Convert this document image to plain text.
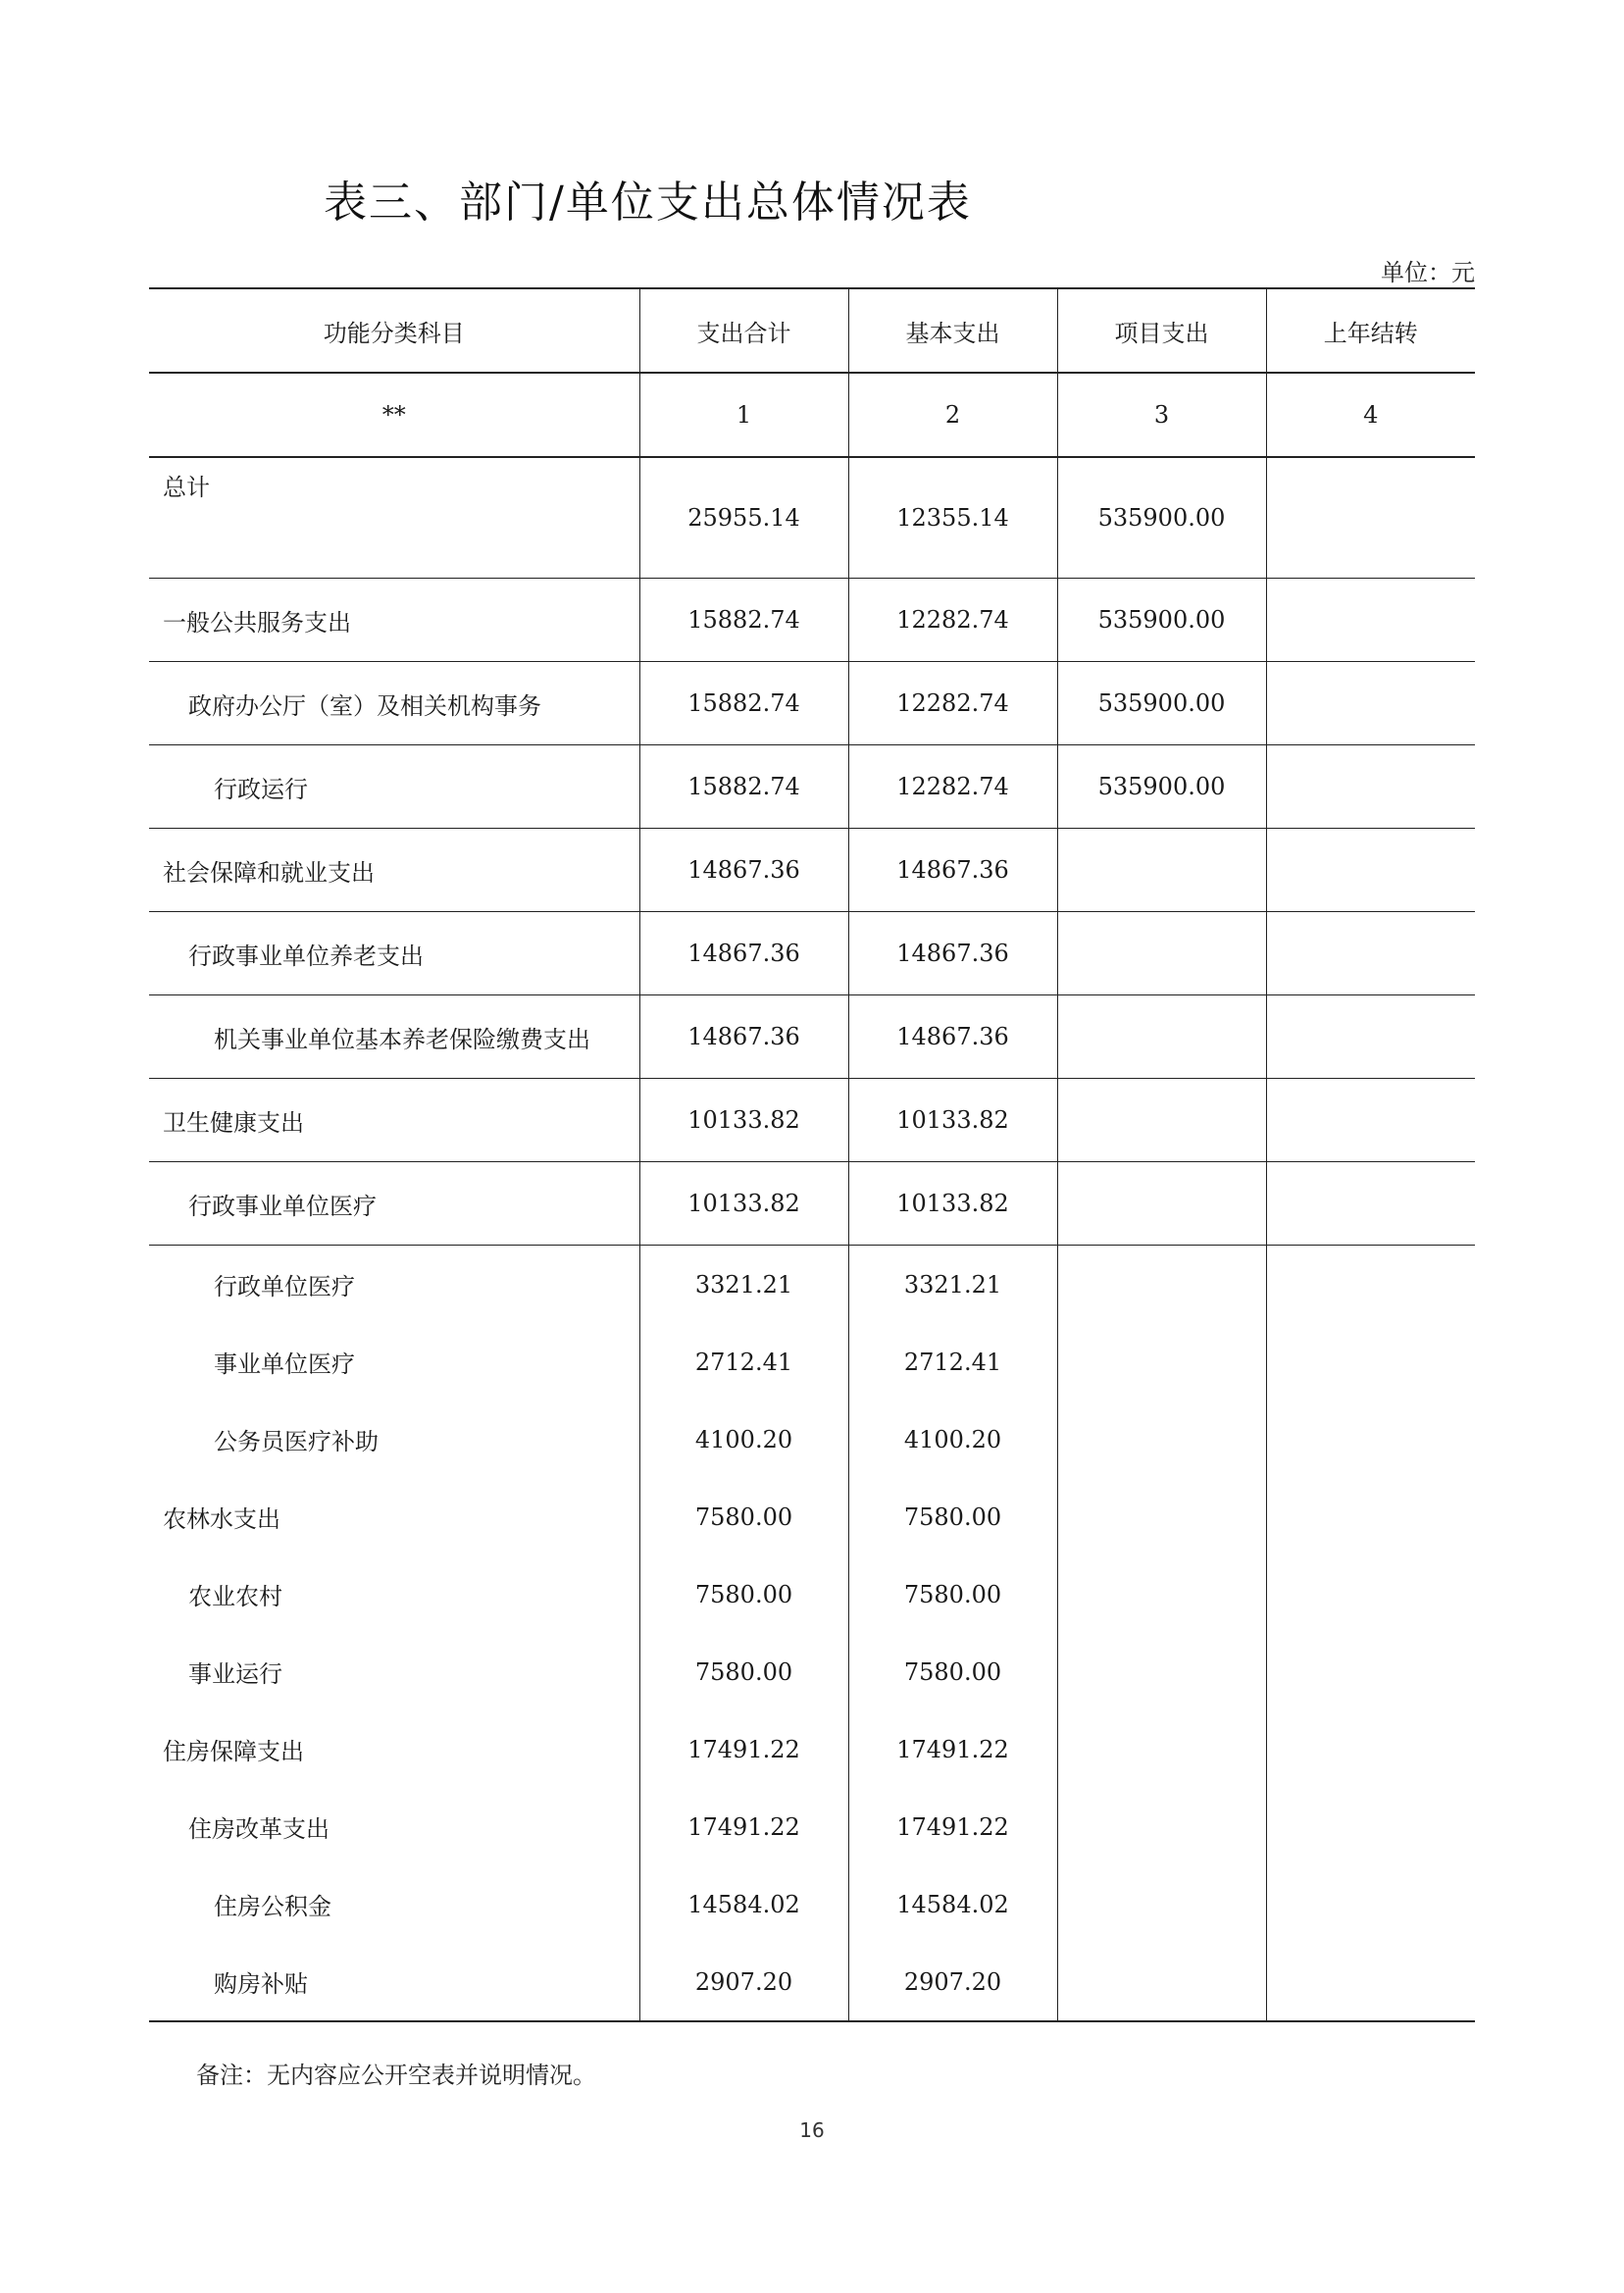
表三、部门/单位支出总体情况表
单位：元
功能分类科目	支出合计	基本支出	项目支出	上年结转
**	1	2	3	4
总计	25955.14	12355.14	535900.00	
一般公共服务支出	15882.74	12282.74	535900.00	
政府办公厅（室）及相关机构事务	15882.74	12282.74	535900.00	
行政运行	15882.74	12282.74	535900.00	
社会保障和就业支出	14867.36	14867.36		
行政事业单位养老支出	14867.36	14867.36		
机关事业单位基本养老保险缴费支出	14867.36	14867.36		
卫生健康支出	10133.82	10133.82		
行政事业单位医疗	10133.82	10133.82		
行政单位医疗	3321.21	3321.21		
事业单位医疗	2712.41	2712.41		
公务员医疗补助	4100.20	4100.20		
农林水支出	7580.00	7580.00		
农业农村	7580.00	7580.00		
事业运行	7580.00	7580.00		
住房保障支出	17491.22	17491.22		
住房改革支出	17491.22	17491.22		
住房公积金	14584.02	14584.02		
购房补贴	2907.20	2907.20		
备注：无内容应公开空表并说明情况。
16
